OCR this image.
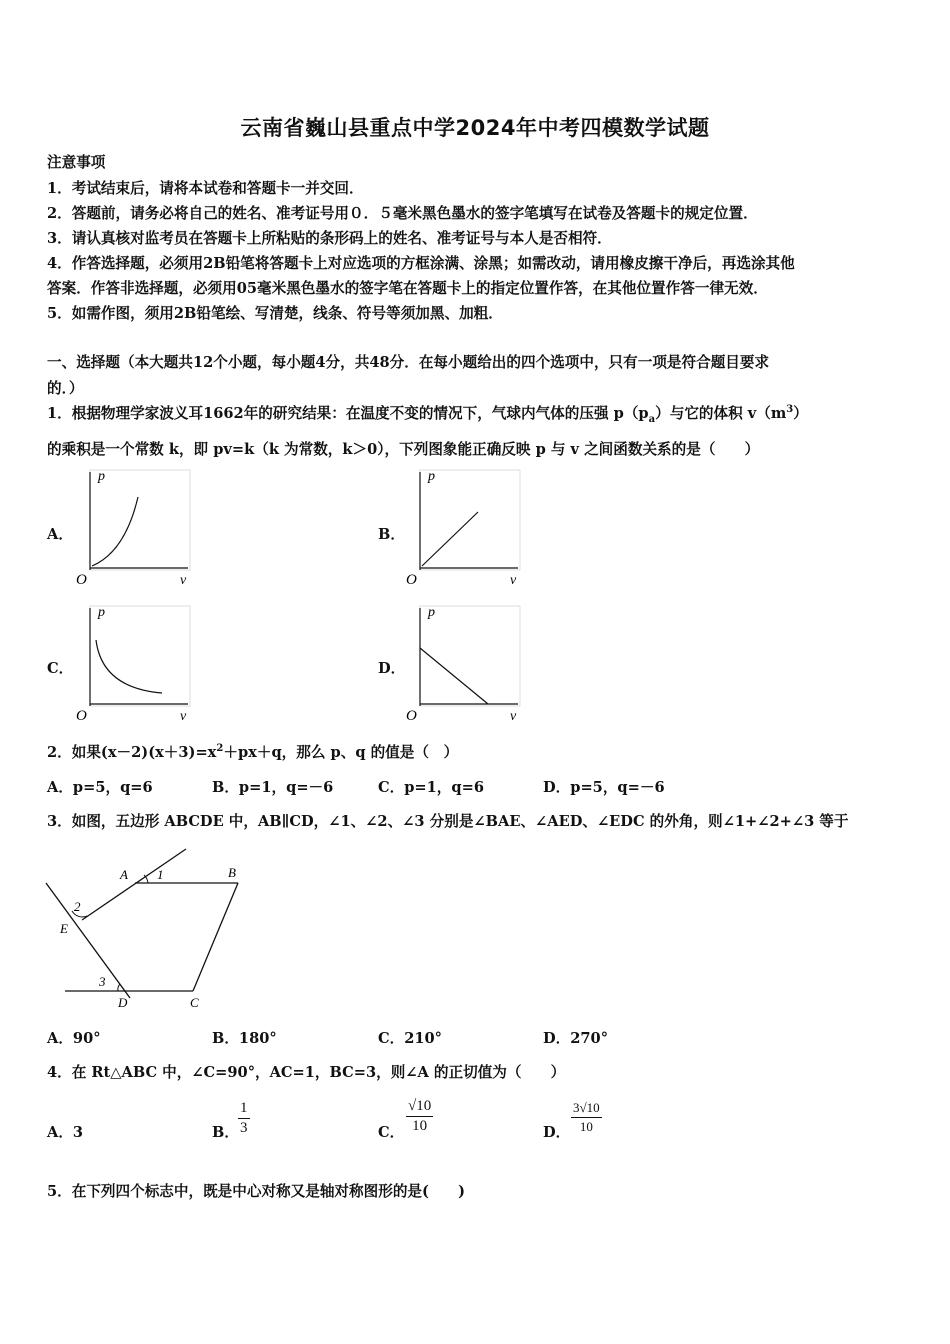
云南省巍山县重点中学2024年中考四模数学试题
注意事项
1．考试结束后，请将本试卷和答题卡一并交回．
2．答题前，请务必将自己的姓名、准考证号用０．５毫米黑色墨水的签字笔填写在试卷及答题卡的规定位置．
3．请认真核对监考员在答题卡上所粘贴的条形码上的姓名、准考证号与本人是否相符．
4．作答选择题，必须用2B铅笔将答题卡上对应选项的方框涂满、涂黑；如需改动，请用橡皮擦干净后，再选涂其他
答案．作答非选择题，必须用05毫米黑色墨水的签字笔在答题卡上的指定位置作答，在其他位置作答一律无效．
5．如需作图，须用2B铅笔绘、写清楚，线条、符号等须加黑、加粗．
一、选择题（本大题共12个小题，每小题4分，共48分．在每小题给出的四个选项中，只有一项是符合题目要求
的．）
1．根据物理学家波义耳1662年的研究结果：在温度不变的情况下，气球内气体的压强 $p(p_a)$与它的体积 $v(m^3)$
的乘积是一个常数 k，即 pv=k（k 为常数，k＞0），下列图象能正确反映 p 与 v 之间函数关系的是（　　）
A．	B．
C．	D．
p
v
O
p
v
O
p
v
O
p
v
O
2．如果$(x-2)(x+3)=x^2+px+q$，那么 p、q 的值是（　）
A．p=5，q=6	B．p=1，q=－6	C．p=1，q=6	D．p=5，q=－6
3．如图，五边形 ABCDE 中，AB∥CD，∠1、∠2、∠3 分别是∠BAE、∠AED、∠EDC 的外角，则∠1+∠2+∠3 等于
A	B
C
D
E
1
2
3
A．90°	B．180°	C．210°	D．270°
4．在 Rt△ABC 中，∠C=90°，AC=1，BC=3，则∠A 的正切值为（　　）
A．3	B． $\frac{1}{3}$	C． $\frac{√10}{10}$	D． $\frac{3√10}{10}$
5．在下列四个标志中，既是中心对称又是轴对称图形的是(　　)
